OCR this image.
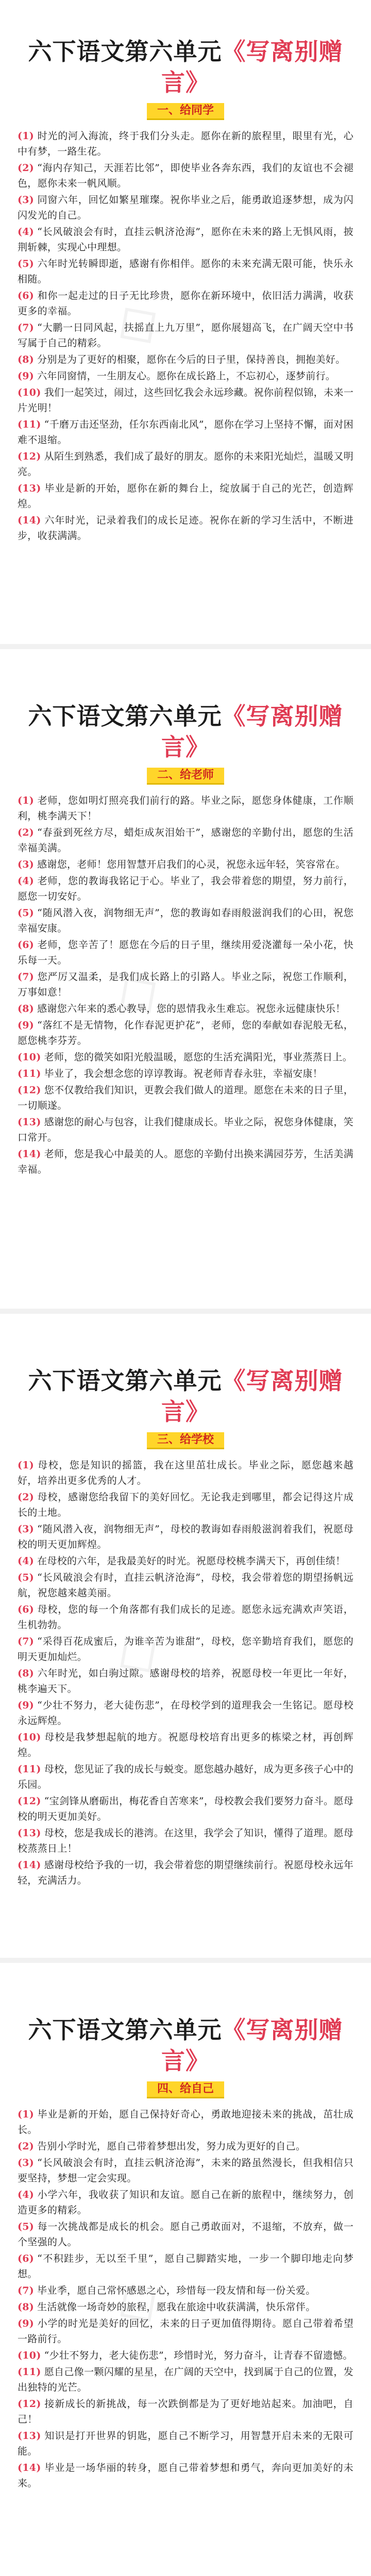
◇
◇
◇
◇
六下语文第六单元《写离别赠言》
一、给同学

(1) 时光的河入海流，终于我们分头走。愿你在新的旅程里，眼里有光，心中有梦，一路生花。

(2) “海内存知己，天涯若比邻”，即使毕业各奔东西，我们的友谊也不会褪色，愿你未来一帆风顺。

(3) 同窗六年，回忆如繁星璀璨。祝你毕业之后，能勇敢追逐梦想，成为闪闪发光的自己。

(4) “长风破浪会有时，直挂云帆济沧海”，愿你在未来的路上无惧风雨，披荆斩棘，实现心中理想。

(5) 六年时光转瞬即逝，感谢有你相伴。愿你的未来充满无限可能，快乐永相随。

(6) 和你一起走过的日子无比珍贵，愿你在新环境中，依旧活力满满，收获更多的幸福。

(7) “大鹏一日同风起，扶摇直上九万里”，愿你展翅高飞，在广阔天空中书写属于自己的精彩。

(8) 分别是为了更好的相聚，愿你在今后的日子里，保持善良，拥抱美好。

(9) 六年同窗情，一生朋友心。愿你在成长路上，不忘初心，逐梦前行。

(10) 我们一起笑过，闹过，这些回忆我会永远珍藏。祝你前程似锦，未来一片光明！

(11) “千磨万击还坚劲，任尔东西南北风”，愿你在学习上坚持不懈，面对困难不退缩。

(12) 从陌生到熟悉，我们成了最好的朋友。愿你的未来阳光灿烂，温暖又明亮。

(13) 毕业是新的开始，愿你在新的舞台上，绽放属于自己的光芒，创造辉煌。

(14) 六年时光，记录着我们的成长足迹。祝你在新的学习生活中，不断进步，收获满满。

六下语文第六单元《写离别赠言》
二、给老师

(1) 老师，您如明灯照亮我们前行的路。毕业之际，愿您身体健康，工作顺利，桃李满天下！

(2) “春蚕到死丝方尽，蜡炬成灰泪始干”，感谢您的辛勤付出，愿您的生活幸福美满。

(3) 感谢您，老师！您用智慧开启我们的心灵，祝您永远年轻，笑容常在。

(4) 老师，您的教诲我铭记于心。毕业了，我会带着您的期望，努力前行，愿您一切安好。

(5) “随风潜入夜，润物细无声”，您的教诲如春雨般滋润我们的心田，祝您幸福安康。

(6) 老师，您辛苦了！愿您在今后的日子里，继续用爱浇灌每一朵小花，快乐每一天。

(7) 您严厉又温柔，是我们成长路上的引路人。毕业之际，祝您工作顺利，万事如意！

(8) 感谢您六年来的悉心教导，您的恩情我永生难忘。祝您永远健康快乐！

(9) “落红不是无情物，化作春泥更护花”，老师，您的奉献如春泥般无私，愿您桃李芬芳。

(10) 老师，您的微笑如阳光般温暖，愿您的生活充满阳光，事业蒸蒸日上。

(11) 毕业了，我会想念您的谆谆教诲。祝老师青春永驻，幸福安康！

(12) 您不仅教给我们知识，更教会我们做人的道理。愿您在未来的日子里，一切顺遂。

(13) 感谢您的耐心与包容，让我们健康成长。毕业之际，祝您身体健康，笑口常开。

(14) 老师，您是我心中最美的人。愿您的辛勤付出换来满园芬芳，生活美满幸福。

六下语文第六单元《写离别赠言》
三、给学校

(1) 母校，您是知识的摇篮，我在这里茁壮成长。毕业之际，愿您越来越好，培养出更多优秀的人才。

(2) 母校，感谢您给我留下的美好回忆。无论我走到哪里，都会记得这片成长的土地。

(3) “随风潜入夜，润物细无声”，母校的教诲如春雨般滋润着我们，祝愿母校的明天更加辉煌。

(4) 在母校的六年，是我最美好的时光。祝愿母校桃李满天下，再创佳绩！

(5) “长风破浪会有时，直挂云帆济沧海”，母校，我会带着您的期望扬帆远航，祝您越来越美丽。

(6) 母校，您的每一个角落都有我们成长的足迹。愿您永远充满欢声笑语，生机勃勃。

(7) “采得百花成蜜后，为谁辛苦为谁甜”，母校，您辛勤培育我们，愿您的明天更加灿烂。

(8) 六年时光，如白驹过隙。感谢母校的培养，祝愿母校一年更比一年好，桃李遍天下。

(9) “少壮不努力，老大徒伤悲”，在母校学到的道理我会一生铭记。愿母校永远辉煌。

(10) 母校是我梦想起航的地方。祝愿母校培育出更多的栋梁之材，再创辉煌。

(11) 母校，您见证了我的成长与蜕变。愿您越办越好，成为更多孩子心中的乐园。

(12) “宝剑锋从磨砺出，梅花香自苦寒来”，母校教会我们要努力奋斗。愿母校的明天更加美好。

(13) 母校，您是我成长的港湾。在这里，我学会了知识，懂得了道理。愿母校蒸蒸日上！

(14) 感谢母校给予我的一切，我会带着您的期望继续前行。祝愿母校永远年轻，充满活力。

六下语文第六单元《写离别赠言》
四、给自己

(1) 毕业是新的开始，愿自己保持好奇心，勇敢地迎接未来的挑战，茁壮成长。

(2) 告别小学时光，愿自己带着梦想出发，努力成为更好的自己。

(3) “长风破浪会有时，直挂云帆济沧海”，未来的路虽然漫长，但我相信只要坚持，梦想一定会实现。

(4) 小学六年，我收获了知识和友谊。愿自己在新的旅程中，继续努力，创造更多的精彩。

(5) 每一次挑战都是成长的机会。愿自己勇敢面对，不退缩，不放弃，做一个坚强的人。

(6) “不积跬步，无以至千里”，愿自己脚踏实地，一步一个脚印地走向梦想。

(7) 毕业季，愿自己常怀感恩之心，珍惜每一段友情和每一份关爱。

(8) 生活就像一场奇妙的旅程，愿我在旅途中收获满满，快乐常伴。

(9) 小学的时光是美好的回忆，未来的日子更加值得期待。愿自己带着希望一路前行。

(10) “少壮不努力，老大徒伤悲”，珍惜时光，努力奋斗，让青春不留遗憾。

(11) 愿自己像一颗闪耀的星星，在广阔的天空中，找到属于自己的位置，发出独特的光芒。

(12) 接新成长的新挑战，每一次跌倒都是为了更好地站起来。加油吧，自己！

(13) 知识是打开世界的钥匙，愿自己不断学习，用智慧开启未来的无限可能。

(14) 毕业是一场华丽的转身，愿自己带着梦想和勇气，奔向更加美好的未来。
